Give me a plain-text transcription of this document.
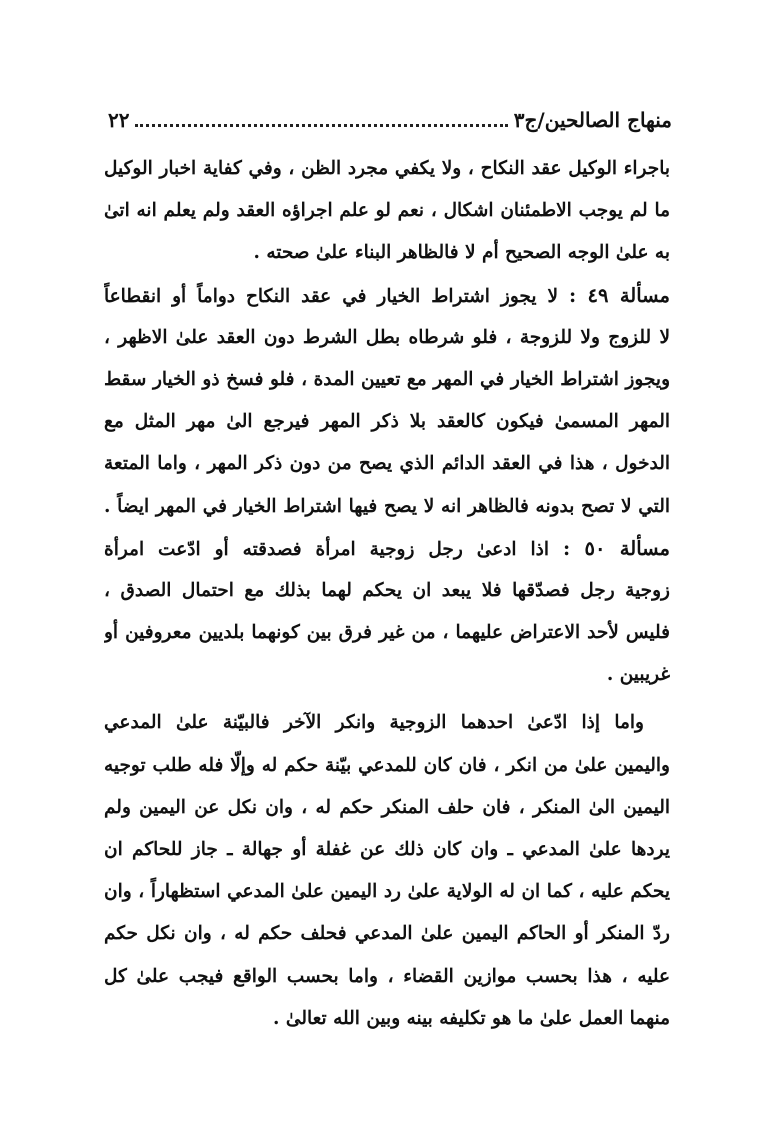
منهاج الصالحين/ج٣
٢٢
باجراء الوكيل عقد النكاح ، ولا يكفي مجرد الظن ، وفي كفاية اخبار الوكيل
ما لم يوجب الاطمئنان اشكال ، نعم لو علم اجراؤه العقد ولم يعلم انه اتىٰ
به علىٰ الوجه الصحيح أم لا فالظاهر البناء علىٰ صحته .
مسألة ٤٩ : لا يجوز اشتراط الخيار في عقد النكاح دواماً أو انقطاعاً
لا للزوج ولا للزوجة ، فلو شرطاه بطل الشرط دون العقد علىٰ الاظهر ،
ويجوز اشتراط الخيار في المهر مع تعيين المدة ، فلو فسخ ذو الخيار سقط
المهر المسمىٰ فيكون كالعقد بلا ذكر المهر فيرجع الىٰ مهر المثل مع
الدخول ، هذا في العقد الدائم الذي يصح من دون ذكر المهر ، واما المتعة
التي لا تصح بدونه فالظاهر انه لا يصح فيها اشتراط الخيار في المهر ايضاً .
مسألة ٥٠ : اذا ادعىٰ رجل زوجية امرأة فصدقته أو ادّعت امرأة
زوجية رجل فصدّقها فلا يبعد ان يحكم لهما بذلك مع احتمال الصدق ،
فليس لأحد الاعتراض عليهما ، من غير فرق بين كونهما بلديين معروفين أو
غريبين .
واما إذا ادّعىٰ احدهما الزوجية وانكر الآخر فالبيّنة علىٰ المدعي
واليمين علىٰ من انكر ، فان كان للمدعي بيّنة حكم له وإلّا فله طلب توجيه
اليمين الىٰ المنكر ، فان حلف المنكر حكم له ، وان نكل عن اليمين ولم
يردها علىٰ المدعي ـ وان كان ذلك عن غفلة أو جهالة ـ جاز للحاكم ان
يحكم عليه ، كما ان له الولاية علىٰ رد اليمين علىٰ المدعي استظهاراً ، وان
ردّ المنكر أو الحاكم اليمين علىٰ المدعي فحلف حكم له ، وان نكل حكم
عليه ، هذا بحسب موازين القضاء ، واما بحسب الواقع فيجب علىٰ كل
منهما العمل علىٰ ما هو تكليفه بينه وبين الله تعالىٰ .
